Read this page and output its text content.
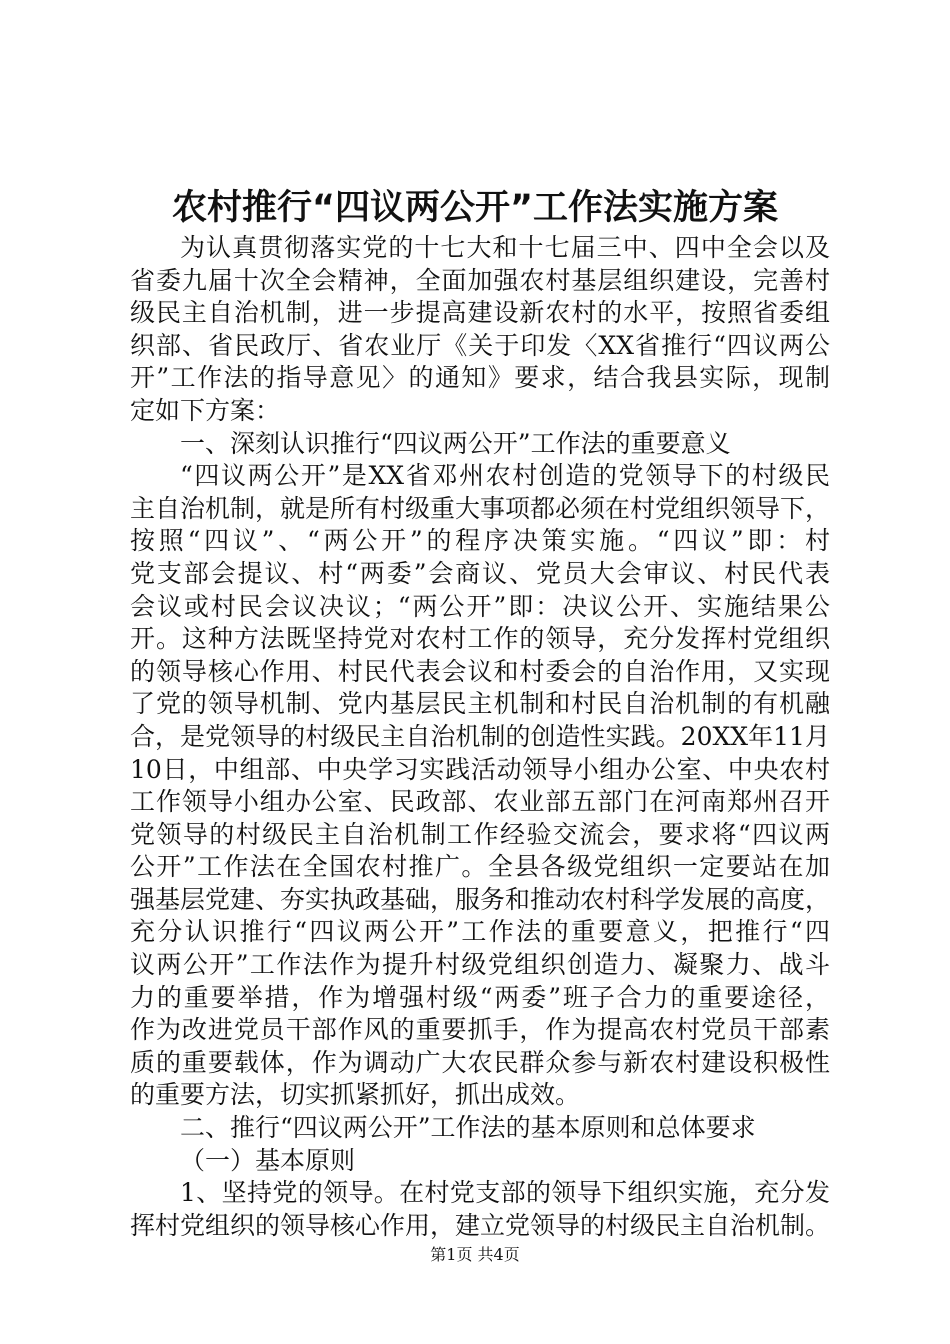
农村推行“四议两公开”工作法实施方案
为认真贯彻落实党的十七大和十七届三中、四中全会以及
省委九届十次全会精神，全面加强农村基层组织建设，完善村
级民主自治机制，进一步提高建设新农村的水平，按照省委组
织部、省民政厅、省农业厅《关于印发〈XX省推行“四议两公
开”工作法的指导意见〉的通知》要求，结合我县实际，现制
定如下方案：
一、深刻认识推行“四议两公开”工作法的重要意义
“四议两公开”是XX省邓州农村创造的党领导下的村级民
主自治机制，就是所有村级重大事项都必须在村党组织领导下，
按照“四议”、“两公开”的程序决策实施。“四议”即：村
党支部会提议、村“两委”会商议、党员大会审议、村民代表
会议或村民会议决议；“两公开”即：决议公开、实施结果公
开。这种方法既坚持党对农村工作的领导，充分发挥村党组织
的领导核心作用、村民代表会议和村委会的自治作用，又实现
了党的领导机制、党内基层民主机制和村民自治机制的有机融
合，是党领导的村级民主自治机制的创造性实践。20XX年11月
10日，中组部、中央学习实践活动领导小组办公室、中央农村
工作领导小组办公室、民政部、农业部五部门在河南郑州召开
党领导的村级民主自治机制工作经验交流会，要求将“四议两
公开”工作法在全国农村推广。全县各级党组织一定要站在加
强基层党建、夯实执政基础，服务和推动农村科学发展的高度，
充分认识推行“四议两公开”工作法的重要意义，把推行“四
议两公开”工作法作为提升村级党组织创造力、凝聚力、战斗
力的重要举措，作为增强村级“两委”班子合力的重要途径，
作为改进党员干部作风的重要抓手，作为提高农村党员干部素
质的重要载体，作为调动广大农民群众参与新农村建设积极性
的重要方法，切实抓紧抓好，抓出成效。
二、推行“四议两公开”工作法的基本原则和总体要求
（一）基本原则
1、坚持党的领导。在村党支部的领导下组织实施，充分发
挥村党组织的领导核心作用，建立党领导的村级民主自治机制。
第1页 共4页
